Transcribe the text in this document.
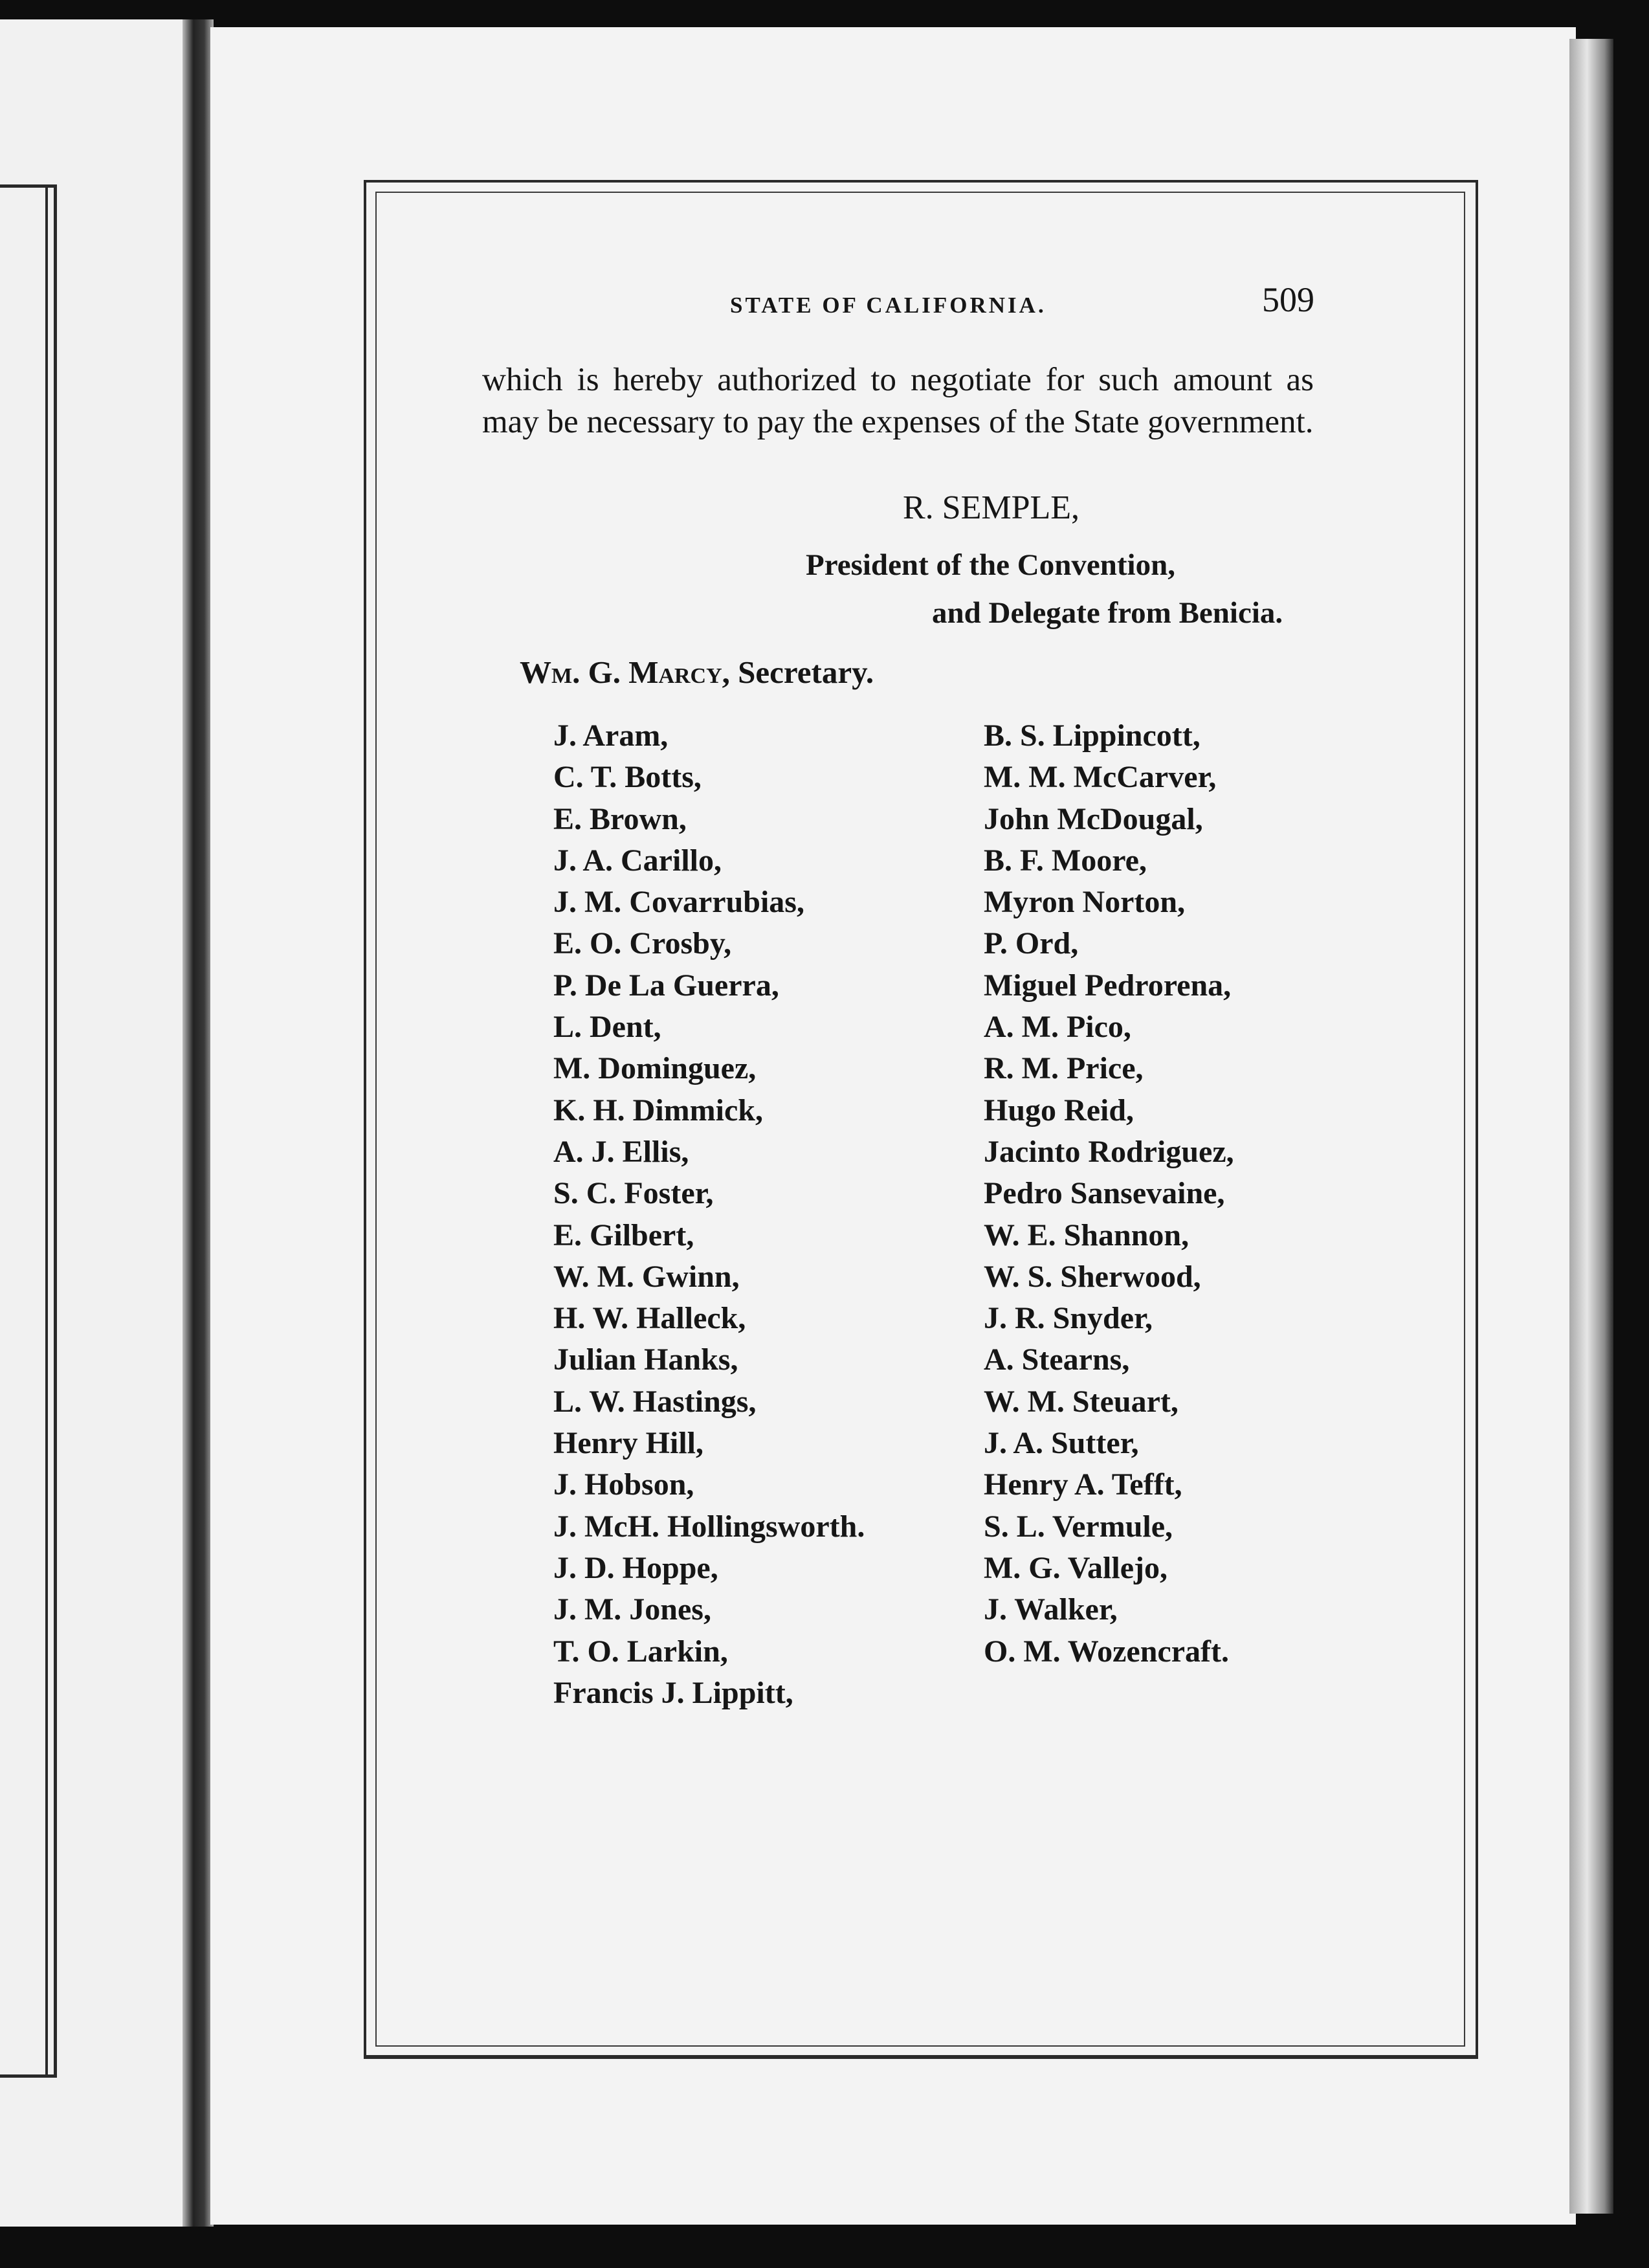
STATE OF CALIFORNIA.	509
which is hereby authorized to negotiate for such amount as may be necessary to pay the expenses of the State government.
R. SEMPLE,
President of the Convention,
and Delegate from Benicia.
Wm. G. Marcy, Secretary.
J. Aram,
C. T. Botts,
E. Brown,
J. A. Carillo,
J. M. Covarrubias,
E. O. Crosby,
P. De La Guerra,
L. Dent,
M. Dominguez,
K. H. Dimmick,
A. J. Ellis,
S. C. Foster,
E. Gilbert,
W. M. Gwinn,
H. W. Halleck,
Julian Hanks,
L. W. Hastings,
Henry Hill,
J. Hobson,
J. McH. Hollingsworth.
J. D. Hoppe,
J. M. Jones,
T. O. Larkin,
Francis J. Lippitt,
B. S. Lippincott,
M. M. McCarver,
John McDougal,
B. F. Moore,
Myron Norton,
P. Ord,
Miguel Pedrorena,
A. M. Pico,
R. M. Price,
Hugo Reid,
Jacinto Rodriguez,
Pedro Sansevaine,
W. E. Shannon,
W. S. Sherwood,
J. R. Snyder,
A. Stearns,
W. M. Steuart,
J. A. Sutter,
Henry A. Tefft,
S. L. Vermule,
M. G. Vallejo,
J. Walker,
O. M. Wozencraft.
